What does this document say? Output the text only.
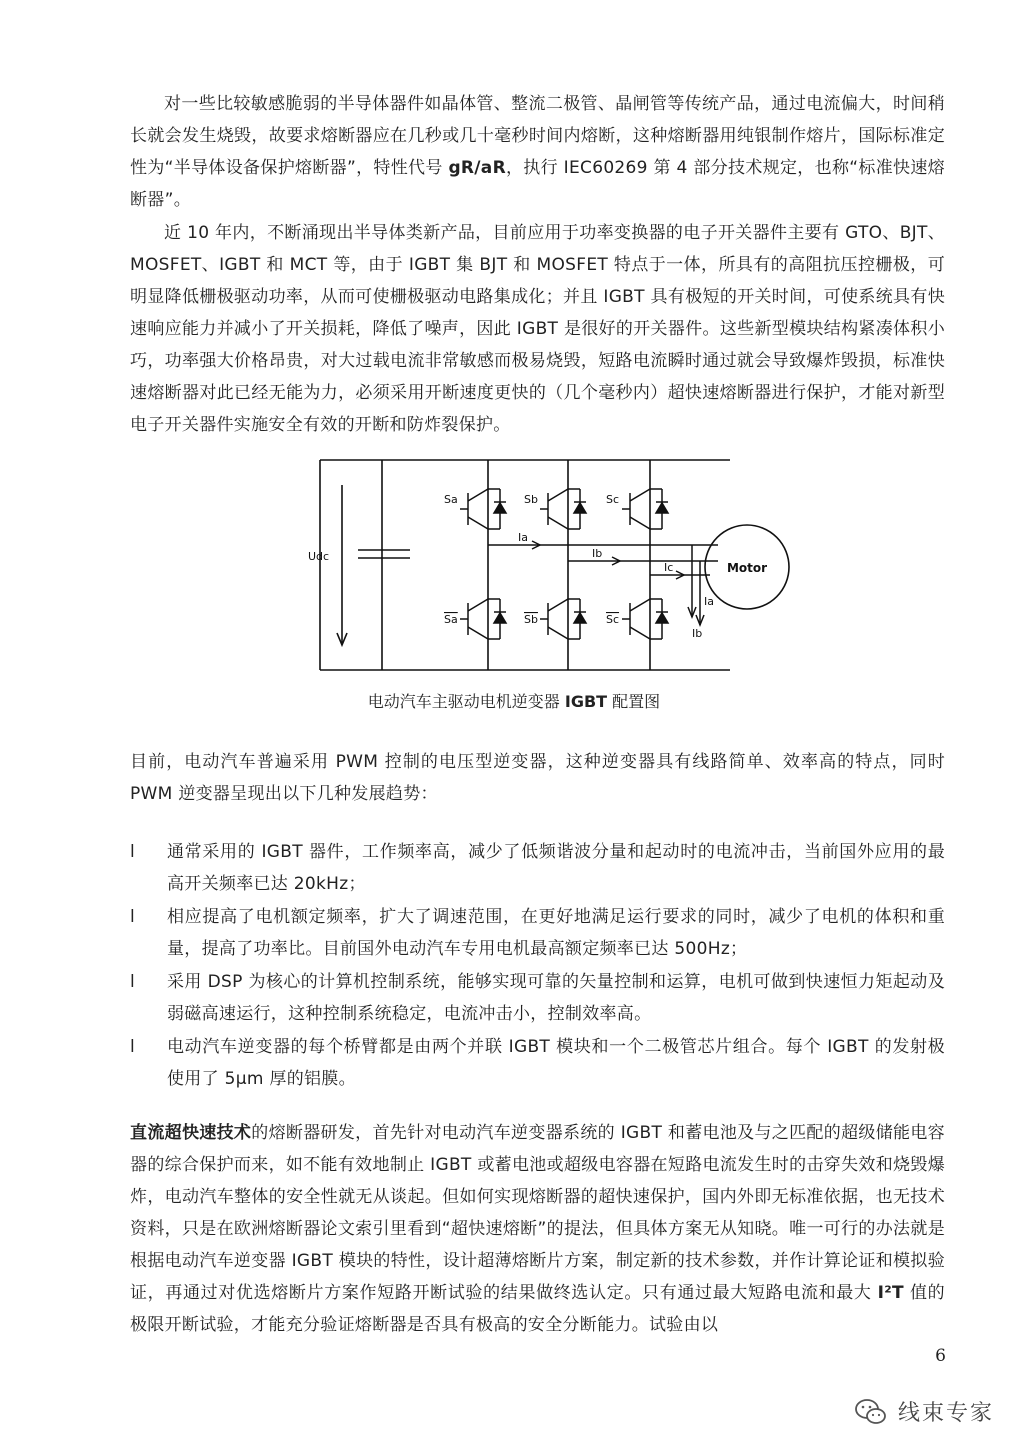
对一些比较敏感脆弱的半导体器件如晶体管、整流二极管、晶闸管等传统产品，通过电流偏大，时间稍长就会发生烧毁，故要求熔断器应在几秒或几十毫秒时间内熔断，这种熔断器用纯银制作熔片，国际标准定性为“半导体设备保护熔断器”，特性代号 gR/aR，执行 IEC60269 第 4 部分技术规定，也称“标准快速熔断器”。
近 10 年内，不断涌现出半导体类新产品，目前应用于功率变换器的电子开关器件主要有 GTO、BJT、MOSFET、IGBT 和 MCT 等，由于 IGBT 集 BJT 和 MOSFET 特点于一体，所具有的高阻抗压控栅极，可明显降低栅极驱动功率，从而可使栅极驱动电路集成化；并且 IGBT 具有极短的开关时间，可使系统具有快速响应能力并减小了开关损耗，降低了噪声，因此 IGBT 是很好的开关器件。这些新型模块结构紧凑体积小巧，功率强大价格昂贵，对大过载电流非常敏感而极易烧毁，短路电流瞬时通过就会导致爆炸毁损，标准快速熔断器对此已经无能为力，必须采用开断速度更快的（几个毫秒内）超快速熔断器进行保护，才能对新型电子开关器件实施安全有效的开断和防炸裂保护。
Udc
Sa	Sb	Sc
Sa	Sb	Sc
Ia
Ib
Ic
Ia
Ib
Motor
电动汽车主驱动电机逆变器 IGBT 配置图
目前，电动汽车普遍采用 PWM 控制的电压型逆变器，这种逆变器具有线路简单、效率高的特点，同时 PWM 逆变器呈现出以下几种发展趋势：
l 通常采用的 IGBT 器件，工作频率高，减少了低频谐波分量和起动时的电流冲击，当前国外应用的最高开关频率已达 20kHz；
l 相应提高了电机额定频率，扩大了调速范围，在更好地满足运行要求的同时，减少了电机的体积和重量，提高了功率比。目前国外电动汽车专用电机最高额定频率已达 500Hz；
l 采用 DSP 为核心的计算机控制系统，能够实现可靠的矢量控制和运算，电机可做到快速恒力矩起动及弱磁高速运行，这种控制系统稳定，电流冲击小，控制效率高。
l 电动汽车逆变器的每个桥臂都是由两个并联 IGBT 模块和一个二极管芯片组合。每个 IGBT 的发射极使用了 5μm 厚的铝膜。
直流超快速技术的熔断器研发，首先针对电动汽车逆变器系统的 IGBT 和蓄电池及与之匹配的超级储能电容器的综合保护而来，如不能有效地制止 IGBT 或蓄电池或超级电容器在短路电流发生时的击穿失效和烧毁爆炸，电动汽车整体的安全性就无从谈起。但如何实现熔断器的超快速保护，国内外即无标准依据，也无技术资料，只是在欧洲熔断器论文索引里看到“超快速熔断”的提法，但具体方案无从知晓。唯一可行的办法就是根据电动汽车逆变器 IGBT 模块的特性，设计超薄熔断片方案，制定新的技术参数，并作计算论证和模拟验证，再通过对优选熔断片方案作短路开断试验的结果做终选认定。只有通过最大短路电流和最大 I²T 值的极限开断试验，才能充分验证熔断器是否具有极高的安全分断能力。试验由以
6
线束专家
